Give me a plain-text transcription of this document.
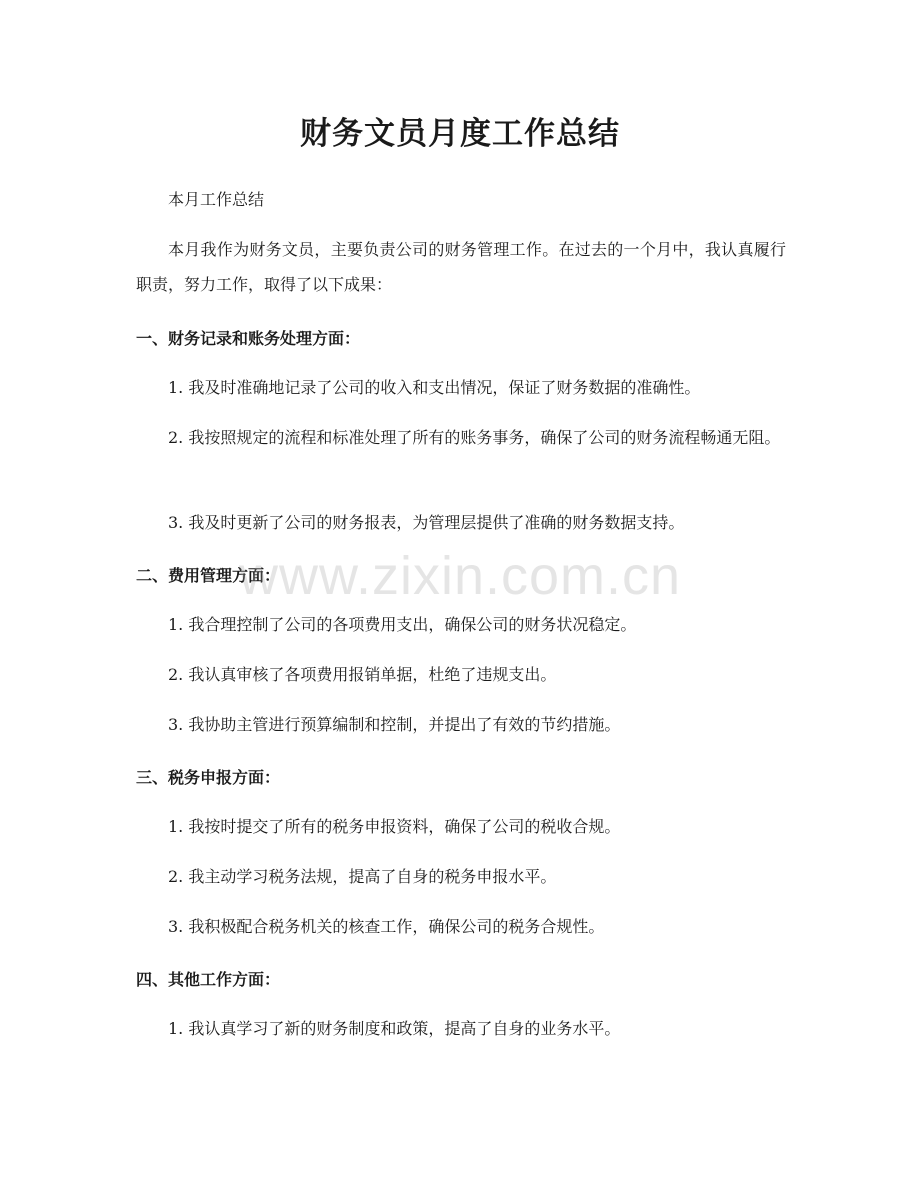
财务文员月度工作总结

本月工作总结

本月我作为财务文员，主要负责公司的财务管理工作。在过去的一个月中，我认真履行职责，努力工作，取得了以下成果：

一、财务记录和账务处理方面：

1. 我及时准确地记录了公司的收入和支出情况，保证了财务数据的准确性。

2. 我按照规定的流程和标准处理了所有的账务事务，确保了公司的财务流程畅通无阻。

3. 我及时更新了公司的财务报表，为管理层提供了准确的财务数据支持。

二、费用管理方面：

1. 我合理控制了公司的各项费用支出，确保公司的财务状况稳定。

2. 我认真审核了各项费用报销单据，杜绝了违规支出。

3. 我协助主管进行预算编制和控制，并提出了有效的节约措施。

三、税务申报方面：

1. 我按时提交了所有的税务申报资料，确保了公司的税收合规。

2. 我主动学习税务法规，提高了自身的税务申报水平。

3. 我积极配合税务机关的核查工作，确保公司的税务合规性。

四、其他工作方面：

1. 我认真学习了新的财务制度和政策，提高了自身的业务水平。

www.zixin.com.cn
